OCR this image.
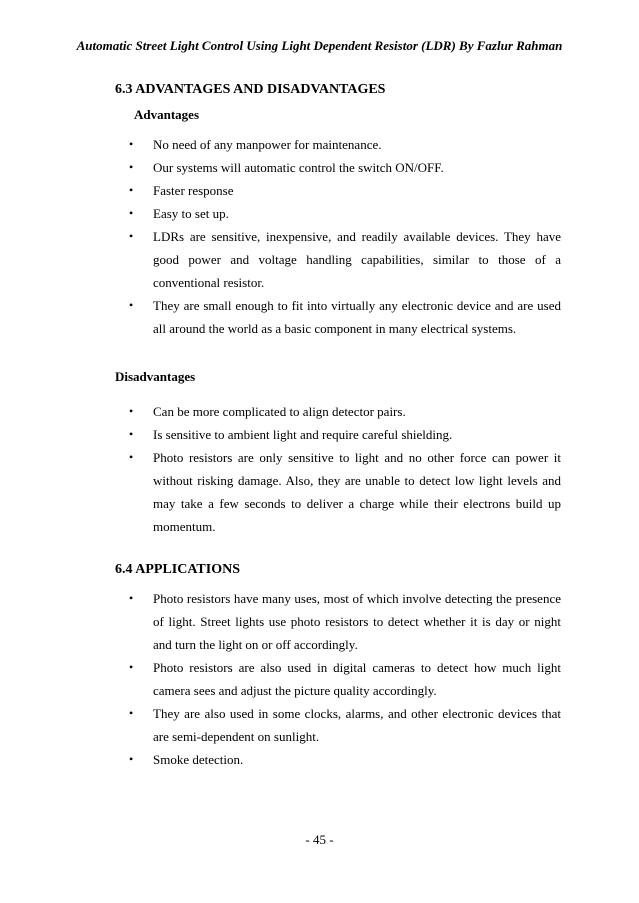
Automatic Street Light Control Using Light Dependent Resistor (LDR) By Fazlur Rahman
6.3 ADVANTAGES AND DISADVANTAGES
Advantages
• No need of any manpower for maintenance.
• Our systems will automatic control the switch ON/OFF.
• Faster response
• Easy to set up.
• LDRs are sensitive, inexpensive, and readily available devices. They have good power and voltage handling capabilities, similar to those of a conventional resistor.
• They are small enough to fit into virtually any electronic device and are used all around the world as a basic component in many electrical systems.
Disadvantages
• Can be more complicated to align detector pairs.
• Is sensitive to ambient light and require careful shielding.
• Photo resistors are only sensitive to light and no other force can power it without risking damage. Also, they are unable to detect low light levels and may take a few seconds to deliver a charge while their electrons build up momentum.
6.4 APPLICATIONS
• Photo resistors have many uses, most of which involve detecting the presence of light. Street lights use photo resistors to detect whether it is day or night and turn the light on or off accordingly.
• Photo resistors are also used in digital cameras to detect how much light camera sees and adjust the picture quality accordingly.
• They are also used in some clocks, alarms, and other electronic devices that are semi-dependent on sunlight.
• Smoke detection.
- 45 -
